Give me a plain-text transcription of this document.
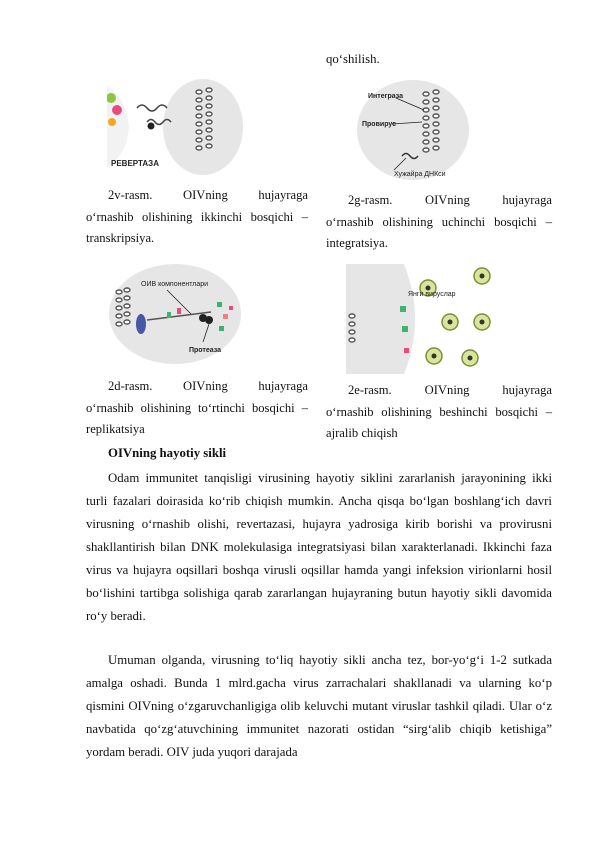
qo‘shilish.
РЕВЕРТАЗА
2v-rasm. OIVning hujayraga
o‘rnashib olishining ikkinchi bosqichi – transkripsiya.
Интеграза
Провирус
Хужайра ДНКси
2g-rasm.	OIVning	hujayraga
o‘rnashib olishining uchinchi bosqichi – integratsiya.
ОИВ компонентлари
Протеаза
2d-rasm. OIVning hujayraga
o‘rnashib olishining to‘rtinchi bosqichi – replikatsiya
Янги вируслар
2e-rasm.	OIVning	hujayraga
o‘rnashib olishining beshinchi bosqichi – ajralib chiqish
OIVning hayotiy sikli
Odam immunitet tanqisligi virusining hayotiy siklini zararlanish jarayonining ikki turli fazalari doirasida ko‘rib chiqish mumkin. Ancha qisqa bo‘lgan boshlang‘ich davri virusning o‘rnashib olishi, revertazasi, hujayra yadrosiga kirib borishi va provirusni shakllantirish bilan DNK molekulasiga integratsiyasi bilan xarakterlanadi. Ikkinchi faza virus va hujayra oqsillari boshqa virusli oqsillar hamda yangi infeksion virionlarni hosil bo‘lishini tartibga solishiga qarab zararlangan hujayraning butun hayotiy sikli davomida ro‘y beradi.
Umuman olganda, virusning to‘liq hayotiy sikli ancha tez, bor-yo‘g‘i 1-2 sutkada amalga oshadi. Bunda 1 mlrd.gacha virus zarrachalari shakllanadi va ularning ko‘p qismini OIVning o‘zgaruvchanligiga olib keluvchi mutant viruslar tashkil qiladi. Ular o‘z navbatida qo‘zg‘atuvchining immunitet nazorati ostidan “sirg‘alib chiqib ketishiga” yordam beradi. OIV juda yuqori darajada
